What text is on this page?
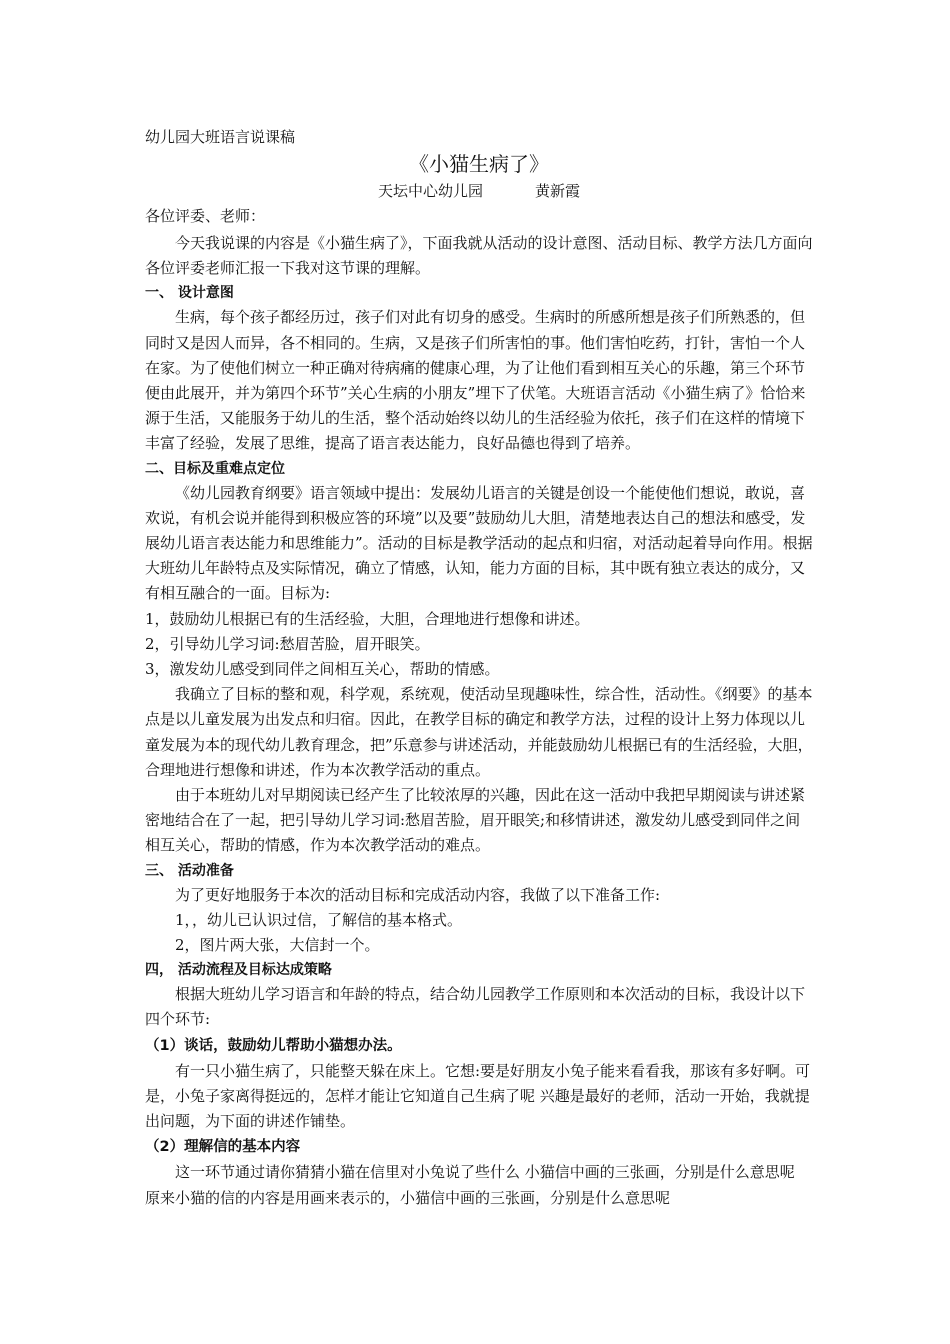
幼儿园大班语言说课稿
《小猫生病了》
天坛中心幼儿园	黄新霞
各位评委、老师：
今天我说课的内容是《小猫生病了》，下面我就从活动的设计意图、活动目标、教学方法几方面向各位评委老师汇报一下我对这节课的理解。
一、 设计意图
生病，每个孩子都经历过，孩子们对此有切身的感受。生病时的所感所想是孩子们所熟悉的，但同时又是因人而异，各不相同的。生病，又是孩子们所害怕的事。他们害怕吃药，打针，害怕一个人在家。为了使他们树立一种正确对待病痛的健康心理，为了让他们看到相互关心的乐趣，第三个环节便由此展开，并为第四个环节”关心生病的小朋友”埋下了伏笔。大班语言活动《小猫生病了》恰恰来源于生活，又能服务于幼儿的生活，整个活动始终以幼儿的生活经验为依托，孩子们在这样的情境下丰富了经验，发展了思维，提高了语言表达能力，良好品德也得到了培养。
二、目标及重难点定位
《幼儿园教育纲要》语言领域中提出：发展幼儿语言的关键是创设一个能使他们想说，敢说，喜欢说，有机会说并能得到积极应答的环境”以及要”鼓励幼儿大胆，清楚地表达自己的想法和感受，发展幼儿语言表达能力和思维能力”。活动的目标是教学活动的起点和归宿，对活动起着导向作用。根据大班幼儿年龄特点及实际情况，确立了情感，认知，能力方面的目标，其中既有独立表达的成分，又有相互融合的一面。目标为:
1，鼓励幼儿根据已有的生活经验，大胆，合理地进行想像和讲述。
2，引导幼儿学习词:愁眉苦脸，眉开眼笑。
3，激发幼儿感受到同伴之间相互关心，帮助的情感。
我确立了目标的整和观，科学观，系统观，使活动呈现趣味性，综合性，活动性。《纲要》的基本点是以儿童发展为出发点和归宿。因此，在教学目标的确定和教学方法，过程的设计上努力体现以儿童发展为本的现代幼儿教育理念，把”乐意参与讲述活动，并能鼓励幼儿根据已有的生活经验，大胆，合理地进行想像和讲述，作为本次教学活动的重点。
由于本班幼儿对早期阅读已经产生了比较浓厚的兴趣，因此在这一活动中我把早期阅读与讲述紧密地结合在了一起，把引导幼儿学习词:愁眉苦脸，眉开眼笑;和移情讲述，激发幼儿感受到同伴之间相互关心，帮助的情感，作为本次教学活动的难点。
三、 活动准备
为了更好地服务于本次的活动目标和完成活动内容，我做了以下准备工作:
1，，幼儿已认识过信，了解信的基本格式。
2，图片两大张，大信封一个。
四， 活动流程及目标达成策略
根据大班幼儿学习语言和年龄的特点，结合幼儿园教学工作原则和本次活动的目标，我设计以下四个环节:
（1）谈话，鼓励幼儿帮助小猫想办法。
有一只小猫生病了，只能整天躲在床上。它想:要是好朋友小兔子能来看看我，那该有多好啊。可是，小兔子家离得挺远的，怎样才能让它知道自己生病了呢 兴趣是最好的老师，活动一开始，我就提出问题，为下面的讲述作铺垫。
（2）理解信的基本内容
这一环节通过请你猜猜小猫在信里对小兔说了些什么 小猫信中画的三张画，分别是什么意思呢 原来小猫的信的内容是用画来表示的，小猫信中画的三张画，分别是什么意思呢
